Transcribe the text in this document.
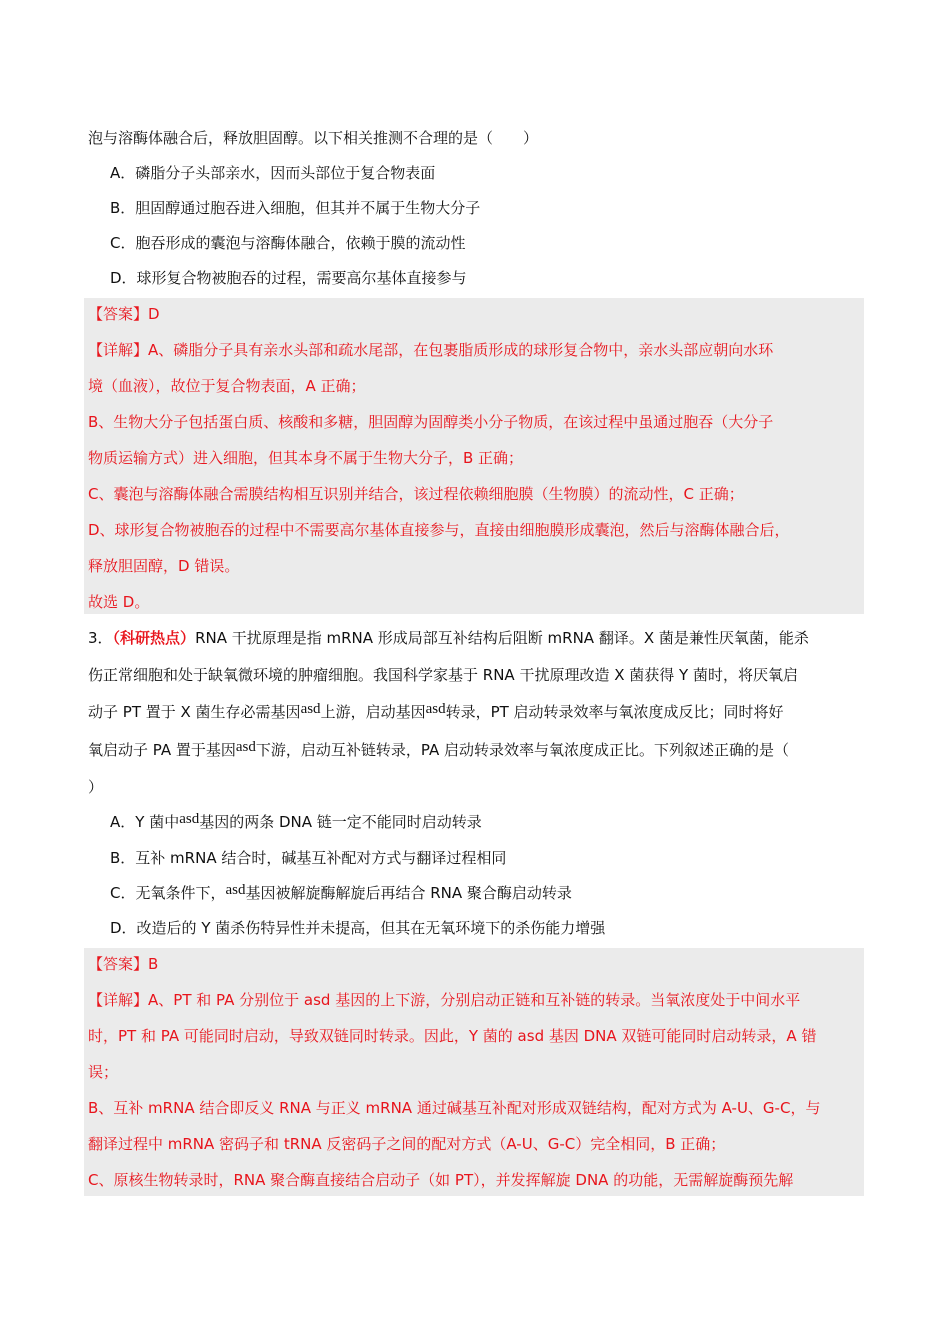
泡与溶酶体融合后，释放胆固醇。以下相关推测不合理的是（　　）
A．磷脂分子头部亲水，因而头部位于复合物表面
B．胆固醇通过胞吞进入细胞，但其并不属于生物大分子
C．胞吞形成的囊泡与溶酶体融合，依赖于膜的流动性
D．球形复合物被胞吞的过程，需要高尔基体直接参与
【答案】D
【详解】A、磷脂分子具有亲水头部和疏水尾部，在包裹脂质形成的球形复合物中，亲水头部应朝向水环
境（血液），故位于复合物表面，A 正确；
B、生物大分子包括蛋白质、核酸和多糖，胆固醇为固醇类小分子物质，在该过程中虽通过胞吞（大分子
物质运输方式）进入细胞，但其本身不属于生物大分子，B 正确；
C、囊泡与溶酶体融合需膜结构相互识别并结合，该过程依赖细胞膜（生物膜）的流动性，C 正确；
D、球形复合物被胞吞的过程中不需要高尔基体直接参与，直接由细胞膜形成囊泡，然后与溶酶体融合后，
释放胆固醇，D 错误。
故选 D。
3．（科研热点）RNA 干扰原理是指 mRNA 形成局部互补结构后阻断 mRNA 翻译。X 菌是兼性厌氧菌，能杀
伤正常细胞和处于缺氧微环境的肿瘤细胞。我国科学家基于 RNA 干扰原理改造 X 菌获得 Y 菌时，将厌氧启
动子 PT 置于 X 菌生存必需基因asd上游，启动基因asd转录，PT 启动转录效率与氧浓度成反比；同时将好
氧启动子 PA 置于基因asd下游，启动互补链转录，PA 启动转录效率与氧浓度成正比。下列叙述正确的是（
）
A．Y 菌中asd基因的两条 DNA 链一定不能同时启动转录
B．互补 mRNA 结合时，碱基互补配对方式与翻译过程相同
C．无氧条件下，asd基因被解旋酶解旋后再结合 RNA 聚合酶启动转录
D．改造后的 Y 菌杀伤特异性并未提高，但其在无氧环境下的杀伤能力增强
【答案】B
【详解】A、PT 和 PA 分别位于 asd 基因的上下游，分别启动正链和互补链的转录。当氧浓度处于中间水平
时，PT 和 PA 可能同时启动，导致双链同时转录。因此，Y 菌的 asd 基因 DNA 双链可能同时启动转录，A 错
误；
B、互补 mRNA 结合即反义 RNA 与正义 mRNA 通过碱基互补配对形成双链结构，配对方式为 A-U、G-C，与
翻译过程中 mRNA 密码子和 tRNA 反密码子之间的配对方式（A-U、G-C）完全相同，B 正确；
C、原核生物转录时，RNA 聚合酶直接结合启动子（如 PT），并发挥解旋 DNA 的功能，无需解旋酶预先解
